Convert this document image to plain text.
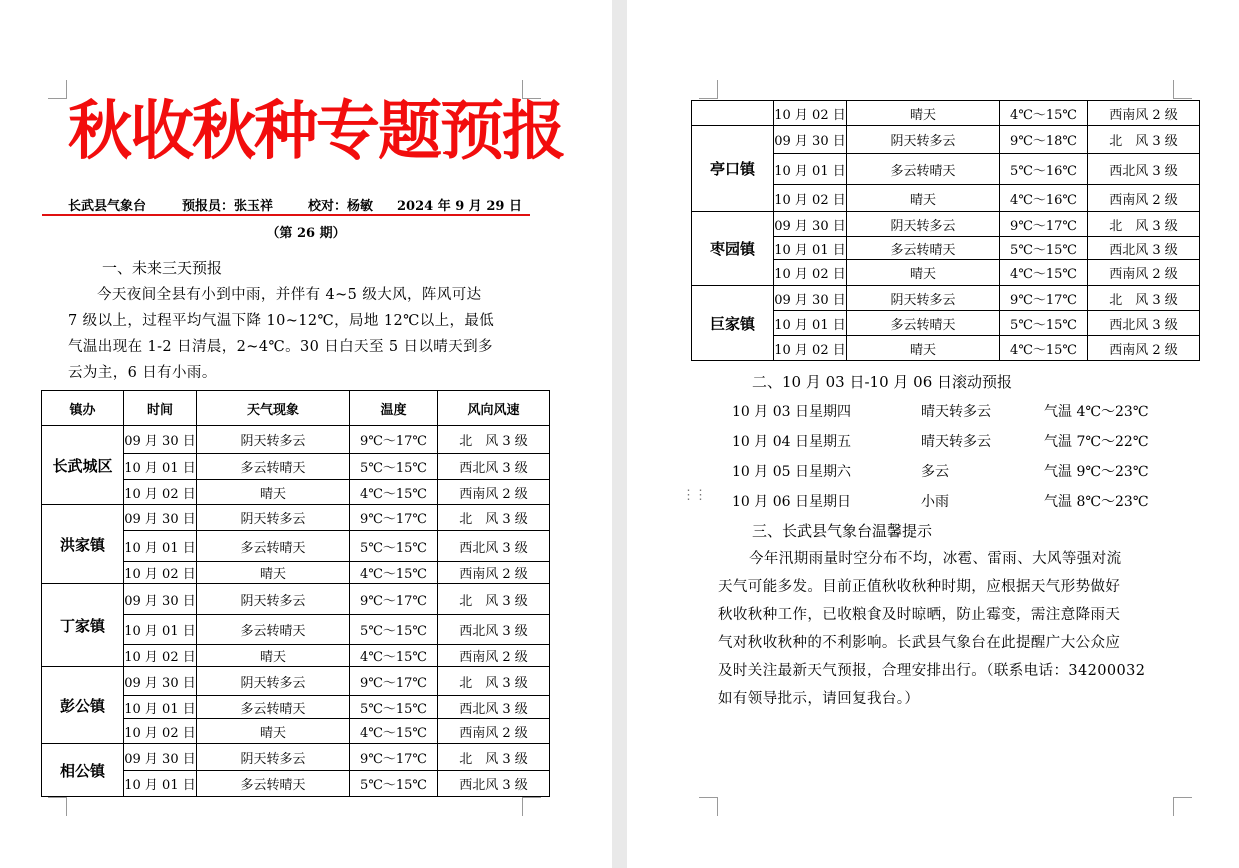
秋收秋种专题预报
长武县气象台	预报员：张玉祥	校对：杨敏 2024 年 9 月 29 日
（第 26 期）
一、未来三天预报
今天夜间全县有小到中雨，并伴有 4~5 级大风，阵风可达
7 级以上，过程平均气温下降 10~12℃，局地 12℃以上，最低
气温出现在 1-2 日清晨，2~4℃。30 日白天至 5 日以晴天到多
云为主，6 日有小雨。
镇办	时间	天气现象	温度	风向风速
长武城区	09 月 30 日	阴天转多云	9℃～17℃	北　风 3 级
	10 月 01 日	多云转晴天	5℃～15℃	西北风 3 级
	10 月 02 日	晴天	4℃～15℃	西南风 2 级
洪家镇	09 月 30 日	阴天转多云	9℃～17℃	北　风 3 级
	10 月 01 日	多云转晴天	5℃～15℃	西北风 3 级
	10 月 02 日	晴天	4℃～15℃	西南风 2 级
丁家镇	09 月 30 日	阴天转多云	9℃～17℃	北　风 3 级
	10 月 01 日	多云转晴天	5℃～15℃	西北风 3 级
	10 月 02 日	晴天	4℃～15℃	西南风 2 级
彭公镇	09 月 30 日	阴天转多云	9℃～17℃	北　风 3 级
	10 月 01 日	多云转晴天	5℃～15℃	西北风 3 级
	10 月 02 日	晴天	4℃～15℃	西南风 2 级
相公镇	09 月 30 日	阴天转多云	9℃～17℃	北　风 3 级
	10 月 01 日	多云转晴天	5℃～15℃	西北风 3 级
	10 月 02 日	晴天	4℃～15℃	西南风 2 级
亭口镇	09 月 30 日	阴天转多云	9℃～18℃	北　风 3 级
	10 月 01 日	多云转晴天	5℃～16℃	西北风 3 级
	10 月 02 日	晴天	4℃～16℃	西南风 2 级
枣园镇	09 月 30 日	阴天转多云	9℃～17℃	北　风 3 级
	10 月 01 日	多云转晴天	5℃～15℃	西北风 3 级
	10 月 02 日	晴天	4℃～15℃	西南风 2 级
巨家镇	09 月 30 日	阴天转多云	9℃～17℃	北　风 3 级
	10 月 01 日	多云转晴天	5℃～15℃	西北风 3 级
	10 月 02 日	晴天	4℃～15℃	西南风 2 级
二、10 月 03 日-10 月 06 日滚动预报
10 月 03 日星期四	晴天转多云	气温 4℃～23℃
10 月 04 日星期五	晴天转多云	气温 7℃～22℃
10 月 05 日星期六	多云	气温 9℃～23℃
10 月 06 日星期日	小雨	气温 8℃～23℃
⋮⋮
三、长武县气象台温馨提示
今年汛期雨量时空分布不均，冰雹、雷雨、大风等强对流
天气可能多发。目前正值秋收秋种时期，应根据天气形势做好
秋收秋种工作，已收粮食及时晾晒，防止霉变，需注意降雨天
气对秋收秋种的不利影响。长武县气象台在此提醒广大公众应
及时关注最新天气预报，合理安排出行。（联系电话：34200032
如有领导批示，请回复我台。）
